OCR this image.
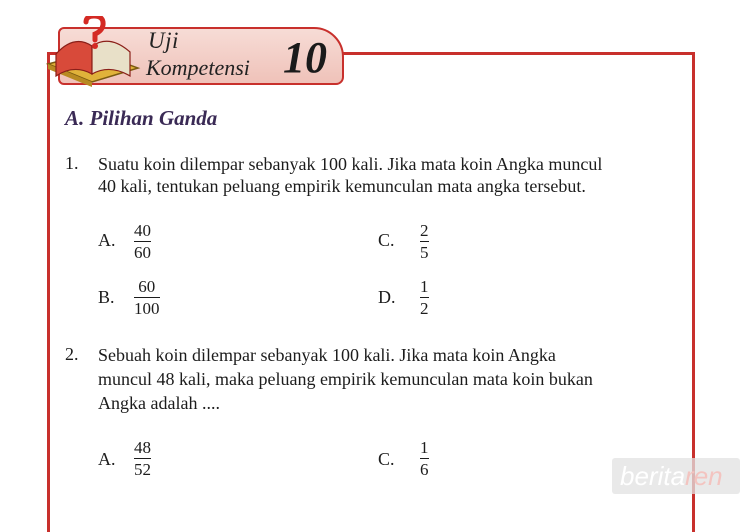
Uji
Kompetensi 10
A. Pilihan Ganda
1. Suatu koin dilempar sebanyak 100 kali. Jika mata koin Angka muncul
40 kali, tentukan peluang empirik kemunculan mata angka tersebut.
A. 40
60
C. 2
5
B.
60
100
D.
1
2
2. Sebuah koin dilempar sebanyak 100 kali. Jika mata koin Angka
muncul 48 kali, maka peluang empirik kemunculan mata koin bukan
Angka adalah ....
A.
48
52
C.
1
6	beritaren
